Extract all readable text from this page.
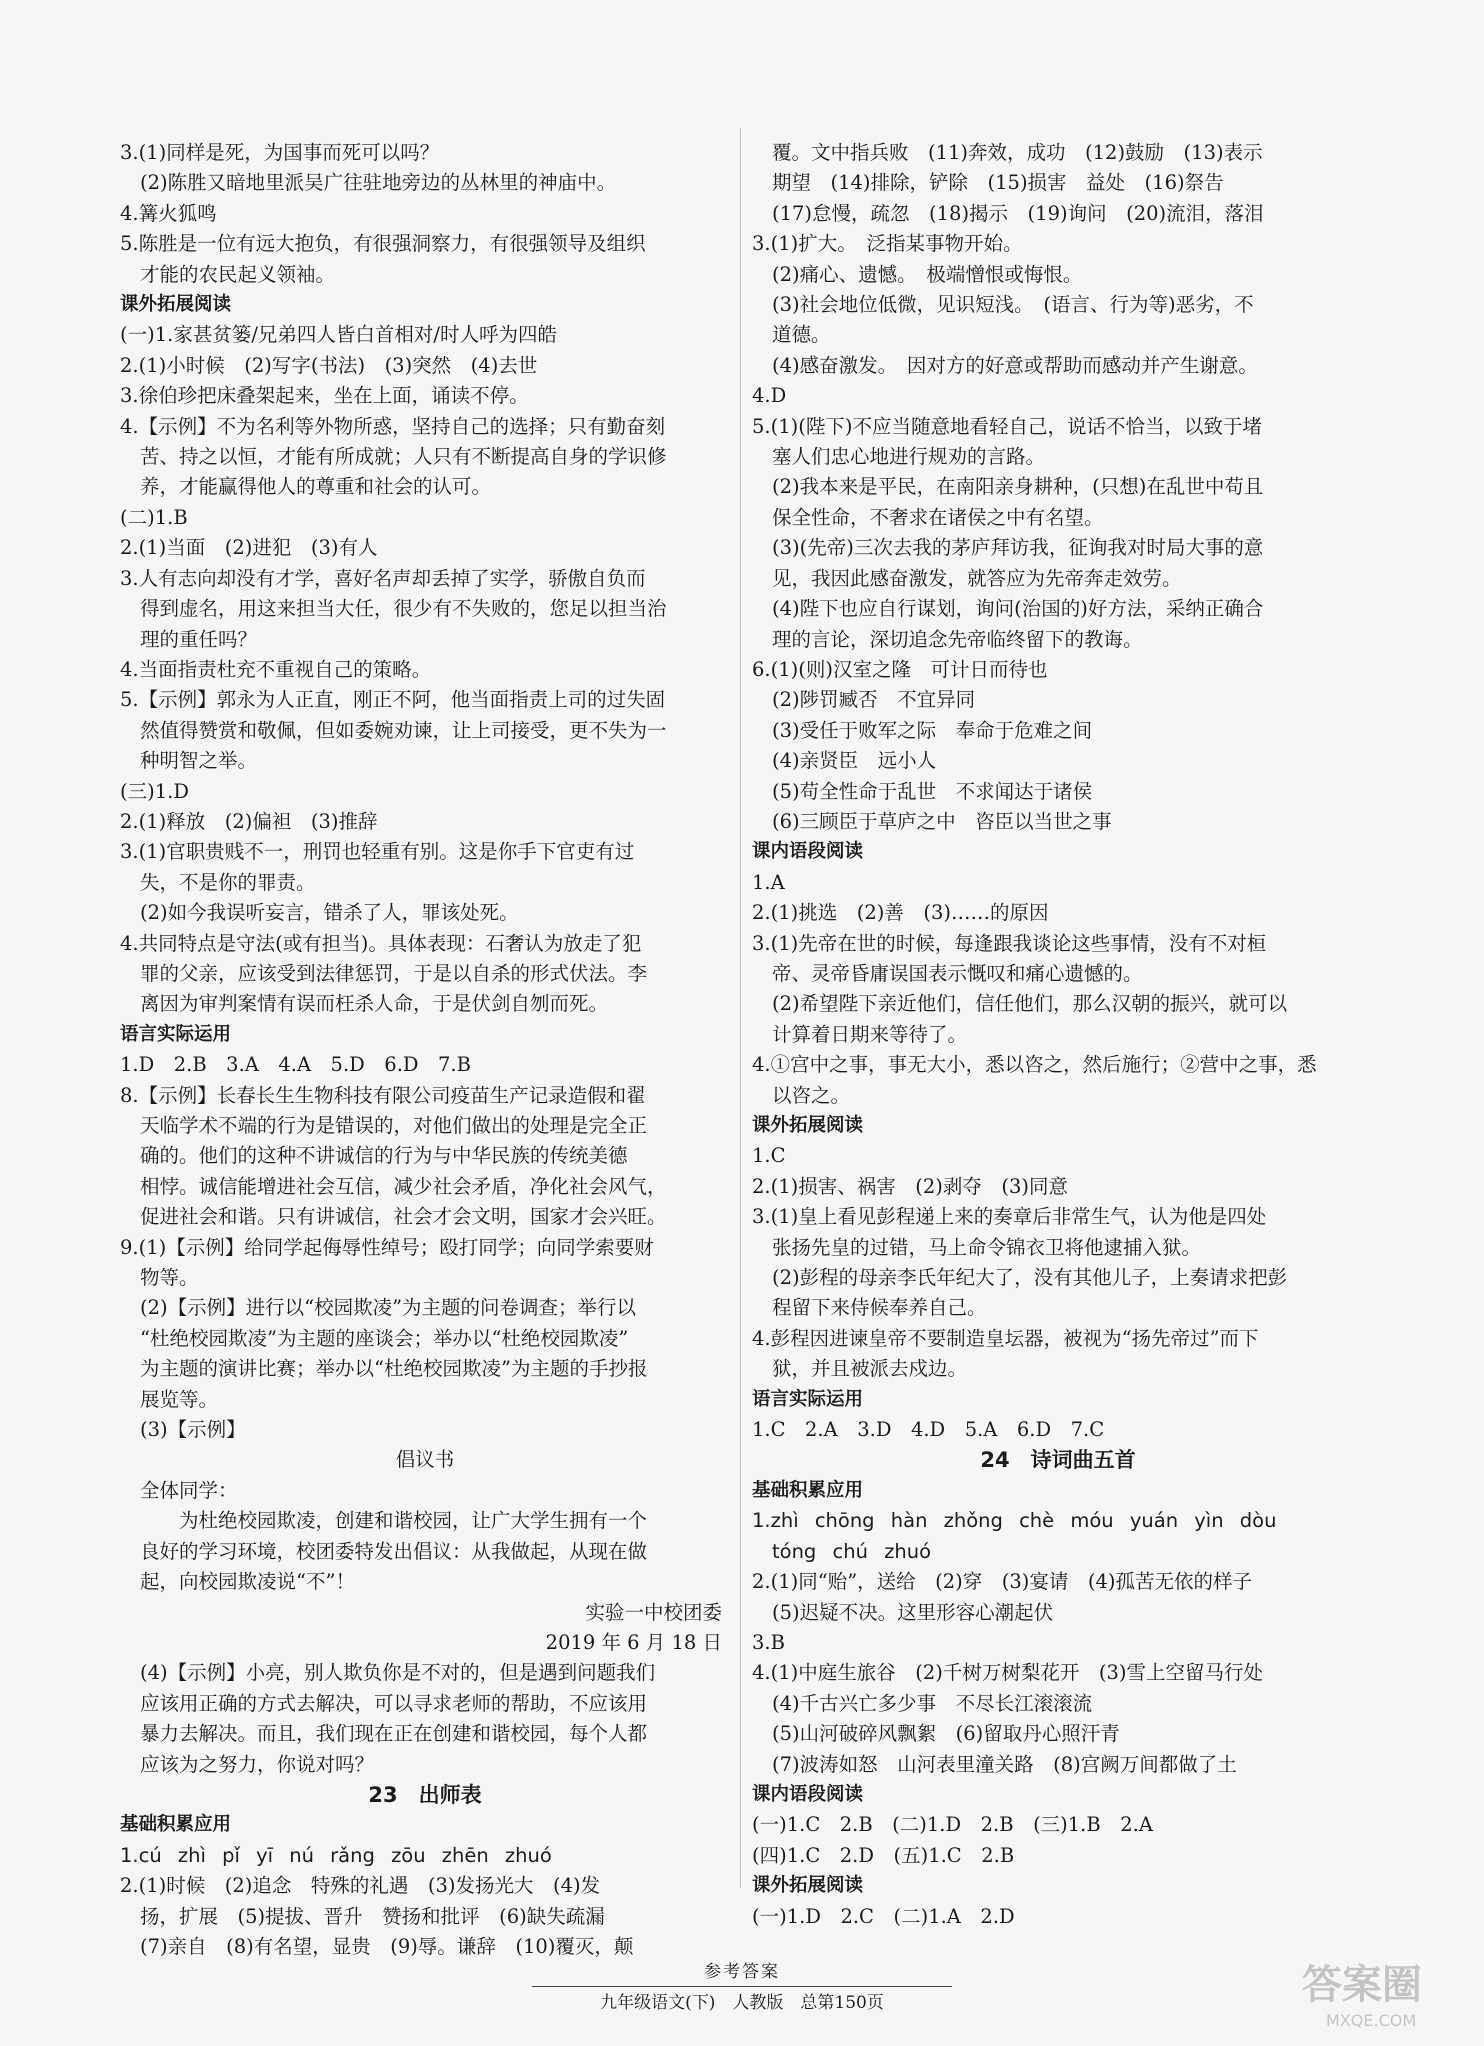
3.(1)同样是死，为国事而死可以吗？
(2)陈胜又暗地里派吴广往驻地旁边的丛林里的神庙中。
4.篝火狐鸣
5.陈胜是一位有远大抱负，有很强洞察力，有很强领导及组织
才能的农民起义领袖。
课外拓展阅读
(一)1.家甚贫篓/兄弟四人皆白首相对/时人呼为四皓
2.(1)小时候　(2)写字(书法)　(3)突然　(4)去世
3.徐伯珍把床叠架起来，坐在上面，诵读不停。
4.【示例】不为名利等外物所惑，坚持自己的选择；只有勤奋刻
苦、持之以恒，才能有所成就；人只有不断提高自身的学识修
养，才能赢得他人的尊重和社会的认可。
(二)1.B
2.(1)当面　(2)进犯　(3)有人
3.人有志向却没有才学，喜好名声却丢掉了实学，骄傲自负而
得到虚名，用这来担当大任，很少有不失败的，您足以担当治
理的重任吗？
4.当面指责杜充不重视自己的策略。
5.【示例】郭永为人正直，刚正不阿，他当面指责上司的过失固
然值得赞赏和敬佩，但如委婉劝谏，让上司接受，更不失为一
种明智之举。
(三)1.D
2.(1)释放　(2)偏袒　(3)推辞
3.(1)官职贵贱不一，刑罚也轻重有别。这是你手下官吏有过
失，不是你的罪责。
(2)如今我误听妄言，错杀了人，罪该处死。
4.共同特点是守法(或有担当)。具体表现：石奢认为放走了犯
罪的父亲，应该受到法律惩罚，于是以自杀的形式伏法。李
离因为审判案情有误而枉杀人命，于是伏剑自刎而死。
语言实际运用
1.D　2.B　3.A　4.A　5.D　6.D　7.B
8.【示例】长春长生生物科技有限公司疫苗生产记录造假和翟
天临学术不端的行为是错误的，对他们做出的处理是完全正
确的。他们的这种不讲诚信的行为与中华民族的传统美德
相悖。诚信能增进社会互信，减少社会矛盾，净化社会风气，
促进社会和谐。只有讲诚信，社会才会文明，国家才会兴旺。
9.(1)【示例】给同学起侮辱性绰号；殴打同学；向同学索要财
物等。
(2)【示例】进行以“校园欺凌”为主题的问卷调查；举行以
“杜绝校园欺凌”为主题的座谈会；举办以“杜绝校园欺凌”
为主题的演讲比赛；举办以“杜绝校园欺凌”为主题的手抄报
展览等。
(3)【示例】
倡议书
全体同学：
　　为杜绝校园欺凌，创建和谐校园，让广大学生拥有一个
良好的学习环境，校团委特发出倡议：从我做起，从现在做
起，向校园欺凌说“不”！
实验一中校团委
2019 年 6 月 18 日
(4)【示例】小亮，别人欺负你是不对的，但是遇到问题我们
应该用正确的方式去解决，可以寻求老师的帮助，不应该用
暴力去解决。而且，我们现在正在创建和谐校园，每个人都
应该为之努力，你说对吗？
23　出师表
基础积累应用
1.cú zhì pǐ yī nú rǎng zōu zhēn zhuó
2.(1)时候　(2)追念　特殊的礼遇　(3)发扬光大　(4)发
扬，扩展　(5)提拔、晋升　赞扬和批评　(6)缺失疏漏
(7)亲自　(8)有名望，显贵　(9)辱。谦辞　(10)覆灭，颠
覆。文中指兵败　(11)奔效，成功　(12)鼓励　(13)表示
期望　(14)排除，铲除　(15)损害　益处　(16)祭告
(17)怠慢，疏忽　(18)揭示　(19)询问　(20)流泪，落泪
3.(1)扩大。　泛指某事物开始。
(2)痛心、遗憾。　极端憎恨或悔恨。
(3)社会地位低微，见识短浅。　(语言、行为等)恶劣，不
道德。
(4)感奋激发。　因对方的好意或帮助而感动并产生谢意。
4.D
5.(1)(陛下)不应当随意地看轻自己，说话不恰当，以致于堵
塞人们忠心地进行规劝的言路。
(2)我本来是平民，在南阳亲身耕种，(只想)在乱世中苟且
保全性命，不奢求在诸侯之中有名望。
(3)(先帝)三次去我的茅庐拜访我，征询我对时局大事的意
见，我因此感奋激发，就答应为先帝奔走效劳。
(4)陛下也应自行谋划，询问(治国的)好方法，采纳正确合
理的言论，深切追念先帝临终留下的教诲。
6.(1)(则)汉室之隆　可计日而待也
(2)陟罚臧否　不宜异同
(3)受任于败军之际　奉命于危难之间
(4)亲贤臣　远小人
(5)苟全性命于乱世　不求闻达于诸侯
(6)三顾臣于草庐之中　咨臣以当世之事
课内语段阅读
1.A
2.(1)挑选　(2)善　(3)……的原因
3.(1)先帝在世的时候，每逢跟我谈论这些事情，没有不对桓
帝、灵帝昏庸误国表示慨叹和痛心遗憾的。
(2)希望陛下亲近他们，信任他们，那么汉朝的振兴，就可以
计算着日期来等待了。
4.①宫中之事，事无大小，悉以咨之，然后施行；②营中之事，悉
以咨之。
课外拓展阅读
1.C
2.(1)损害、祸害　(2)剥夺　(3)同意
3.(1)皇上看见彭程递上来的奏章后非常生气，认为他是四处
张扬先皇的过错，马上命令锦衣卫将他逮捕入狱。
(2)彭程的母亲李氏年纪大了，没有其他儿子，上奏请求把彭
程留下来侍候奉养自己。
4.彭程因进谏皇帝不要制造皇坛器，被视为“扬先帝过”而下
狱，并且被派去戍边。
语言实际运用
1.C　2.A　3.D　4.D　5.A　6.D　7.C
24　诗词曲五首
基础积累应用
1.zhì chōng hàn zhǒng chè móu yuán yìn dòu
tóng chú zhuó
2.(1)同“贻”，送给　(2)穿　(3)宴请　(4)孤苦无依的样子
(5)迟疑不决。这里形容心潮起伏
3.B
4.(1)中庭生旅谷　(2)千树万树梨花开　(3)雪上空留马行处
(4)千古兴亡多少事　不尽长江滚滚流
(5)山河破碎风飘絮　(6)留取丹心照汗青
(7)波涛如怒　山河表里潼关路　(8)宫阙万间都做了土
课内语段阅读
(一)1.C　2.B　(二)1.D　2.B　(三)1.B　2.A
(四)1.C　2.D　(五)1.C　2.B
课外拓展阅读
(一)1.D　2.C　(二)1.A　2.D
参考答案
九年级语文(下)　人教版　总第150页	答案圈
MXQE.COM
